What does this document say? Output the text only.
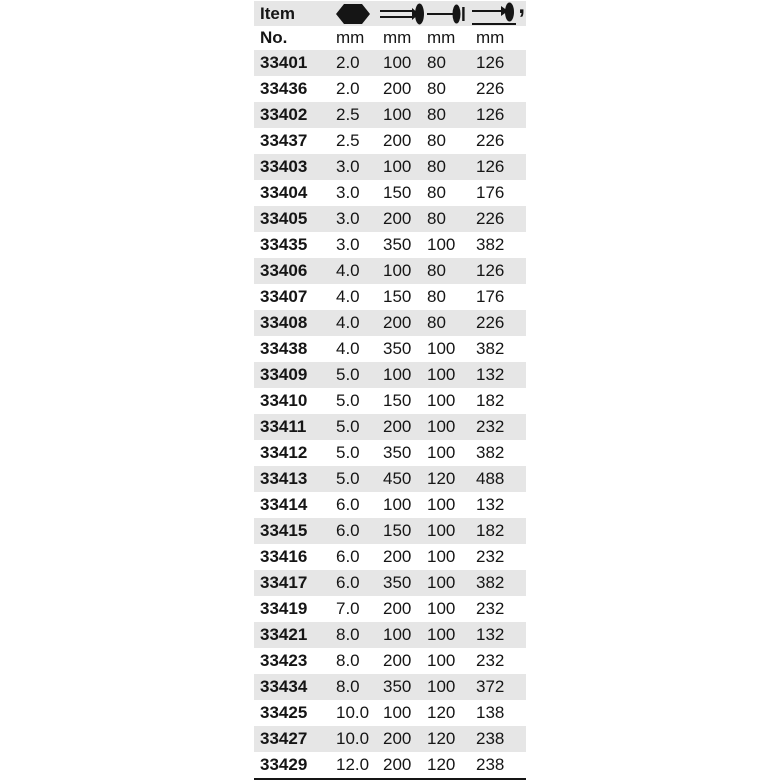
Item	,
No.	mm	mm mm	mm
33401	2.0	100 80	126
33436	2.0	200 80	226
33402	2.5	100 80	126
33437	2.5	200 80	226
33403	3.0	100 80	126
33404	3.0	150 80	176
33405	3.0	200 80	226
33435	3.0	350 100	382
33406	4.0	100 80	126
33407	4.0	150 80	176
33408	4.0	200 80	226
33438	4.0	350 100	382
33409	5.0	100 100	132
33410	5.0	150 100	182
33411	5.0	200 100	232
33412	5.0	350 100	382
33413	5.0	450 120	488
33414	6.0	100 100	132
33415	6.0	150 100	182
33416	6.0	200 100	232
33417	6.0	350 100	382
33419	7.0	200 100	232
33421	8.0	100 100	132
33423	8.0	200 100	232
33434	8.0	350 100	372
33425	10.0 100 120	138
33427	10.0 200 120	238
33429	12.0 200 120	238
